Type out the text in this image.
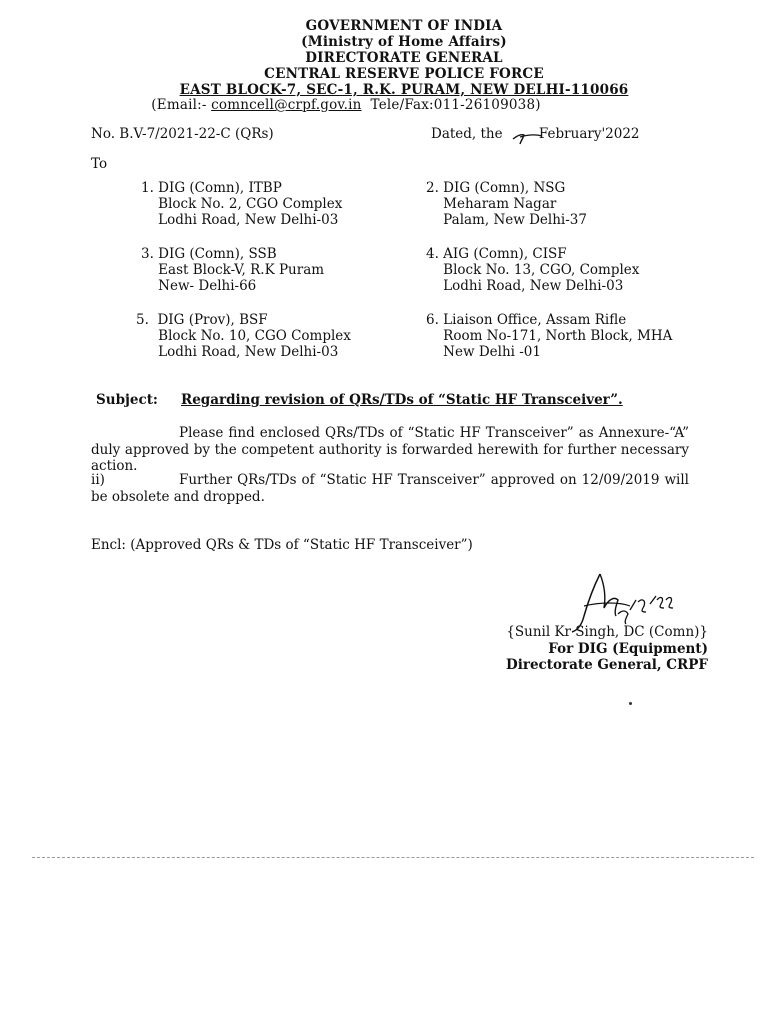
GOVERNMENT OF INDIA
(Ministry of Home Affairs)
DIRECTORATE GENERAL
CENTRAL RESERVE POLICE FORCE
EAST BLOCK-7, SEC-1, R.K. PURAM, NEW DELHI-110066
(Email:- comncell@crpf.gov.in Tele/Fax:011-26109038)
No. B.V-7/2021-22-C (QRs)	Dated, the	February'2022
To
1. DIG (Comn), ITBP
Block No. 2, CGO Complex
Lodhi Road, New Delhi-03
2. DIG (Comn), NSG
Meharam Nagar
Palam, New Delhi-37
3. DIG (Comn), SSB
East Block-V, R.K Puram
New- Delhi-66
4. AIG (Comn), CISF
Block No. 13, CGO, Complex
Lodhi Road, New Delhi-03
5.  DIG (Prov), BSF
Block No. 10, CGO Complex
Lodhi Road, New Delhi-03
6. Liaison Office, Assam Rifle
Room No-171, North Block, MHA
New Delhi -01
Subject: Regarding revision of QRs/TDs of “Static HF Transceiver”.
Please find enclosed QRs/TDs of “Static HF Transceiver” as Annexure-“A” duly approved by the competent authority is forwarded herewith for further necessary action.
ii)	Further QRs/TDs of “Static HF Transceiver” approved on 12/09/2019 will be obsolete and dropped.
Encl: (Approved QRs & TDs of “Static HF Transceiver”)
{Sunil Kr Singh, DC (Comn)}
For DIG (Equipment)
Directorate General, CRPF
